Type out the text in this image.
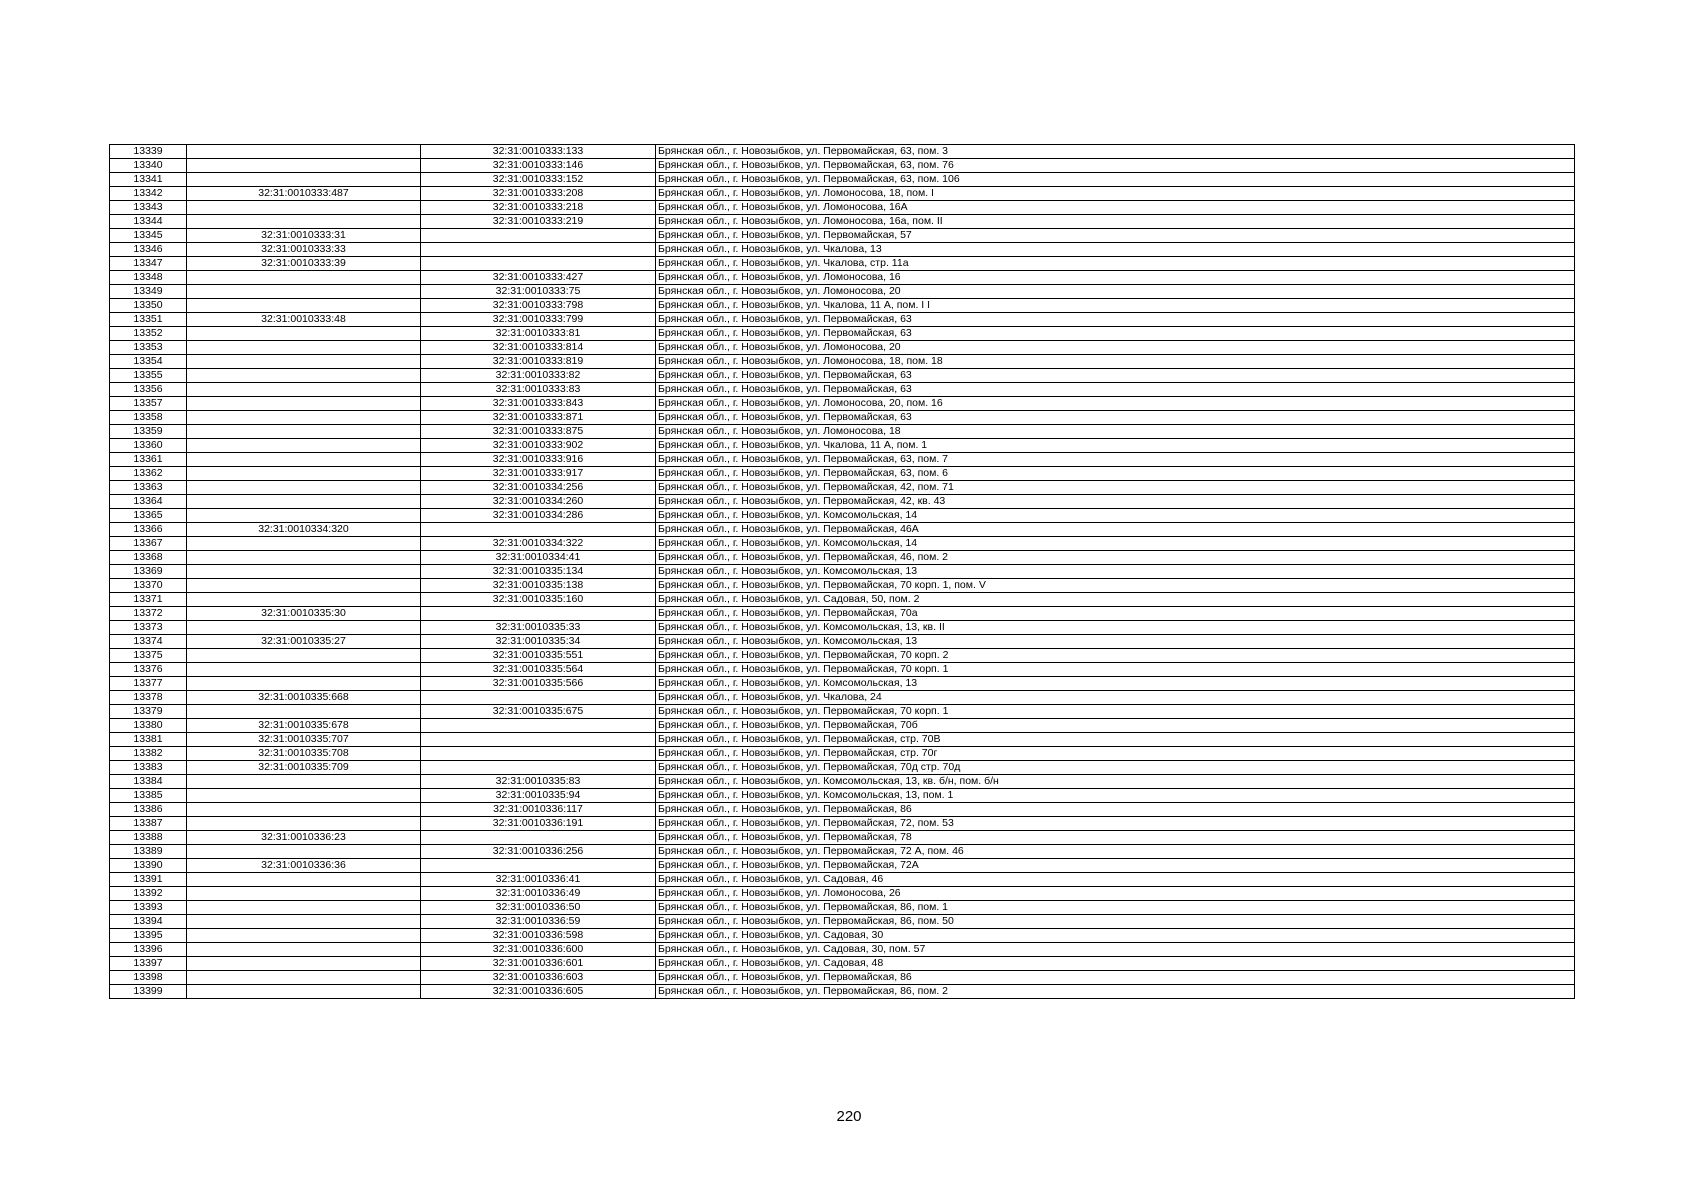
13339		32:31:0010333:133	Брянская обл., г. Новозыбков, ул. Первомайская, 63, пом. 3
13340		32:31:0010333:146	Брянская обл., г. Новозыбков, ул. Первомайская, 63, пом. 76
13341		32:31:0010333:152	Брянская обл., г. Новозыбков, ул. Первомайская, 63, пом. 106
13342	32:31:0010333:487	32:31:0010333:208	Брянская обл., г. Новозыбков, ул. Ломоносова, 18, пом. I
13343		32:31:0010333:218	Брянская обл., г. Новозыбков, ул. Ломоносова, 16А
13344		32:31:0010333:219	Брянская обл., г. Новозыбков, ул. Ломоносова, 16а, пом. II
13345	32:31:0010333:31		Брянская обл., г. Новозыбков, ул. Первомайская, 57
13346	32:31:0010333:33		Брянская обл., г. Новозыбков, ул. Чкалова, 13
13347	32:31:0010333:39		Брянская обл., г. Новозыбков, ул. Чкалова, стр. 11а
13348		32:31:0010333:427	Брянская обл., г. Новозыбков, ул. Ломоносова, 16
13349		32:31:0010333:75	Брянская обл., г. Новозыбков, ул. Ломоносова, 20
13350		32:31:0010333:798	Брянская обл., г. Новозыбков, ул. Чкалова, 11 А, пом. I I
13351	32:31:0010333:48	32:31:0010333:799	Брянская обл., г. Новозыбков, ул. Первомайская, 63
13352		32:31:0010333:81	Брянская обл., г. Новозыбков, ул. Первомайская, 63
13353		32:31:0010333:814	Брянская обл., г. Новозыбков, ул. Ломоносова, 20
13354		32:31:0010333:819	Брянская обл., г. Новозыбков, ул. Ломоносова, 18, пом. 18
13355		32:31:0010333:82	Брянская обл., г. Новозыбков, ул. Первомайская, 63
13356		32:31:0010333:83	Брянская обл., г. Новозыбков, ул. Первомайская, 63
13357		32:31:0010333:843	Брянская обл., г. Новозыбков, ул. Ломоносова, 20, пом. 16
13358		32:31:0010333:871	Брянская обл., г. Новозыбков, ул. Первомайская, 63
13359		32:31:0010333:875	Брянская обл., г. Новозыбков, ул. Ломоносова, 18
13360		32:31:0010333:902	Брянская обл., г. Новозыбков, ул. Чкалова, 11 А, пом. 1
13361		32:31:0010333:916	Брянская обл., г. Новозыбков, ул. Первомайская, 63, пом. 7
13362		32:31:0010333:917	Брянская обл., г. Новозыбков, ул. Первомайская, 63, пом. 6
13363		32:31:0010334:256	Брянская обл., г. Новозыбков, ул. Первомайская, 42, пом. 71
13364		32:31:0010334:260	Брянская обл., г. Новозыбков, ул. Первомайская, 42, кв. 43
13365		32:31:0010334:286	Брянская обл., г. Новозыбков, ул. Комсомольская, 14
13366	32:31:0010334:320		Брянская обл., г. Новозыбков, ул. Первомайская, 46А
13367		32:31:0010334:322	Брянская обл., г. Новозыбков, ул. Комсомольская, 14
13368		32:31:0010334:41	Брянская обл., г. Новозыбков, ул. Первомайская, 46, пом. 2
13369		32:31:0010335:134	Брянская обл., г. Новозыбков, ул. Комсомольская, 13
13370		32:31:0010335:138	Брянская обл., г. Новозыбков, ул. Первомайская, 70 корп. 1, пом. V
13371		32:31:0010335:160	Брянская обл., г. Новозыбков, ул. Садовая, 50, пом. 2
13372	32:31:0010335:30		Брянская обл., г. Новозыбков, ул. Первомайская, 70а
13373		32:31:0010335:33	Брянская обл., г. Новозыбков, ул. Комсомольская, 13, кв. II
13374	32:31:0010335:27	32:31:0010335:34	Брянская обл., г. Новозыбков, ул. Комсомольская, 13
13375		32:31:0010335:551	Брянская обл., г. Новозыбков, ул. Первомайская, 70 корп. 2
13376		32:31:0010335:564	Брянская обл., г. Новозыбков, ул. Первомайская, 70 корп. 1
13377		32:31:0010335:566	Брянская обл., г. Новозыбков, ул. Комсомольская, 13
13378	32:31:0010335:668		Брянская обл., г. Новозыбков, ул. Чкалова, 24
13379		32:31:0010335:675	Брянская обл., г. Новозыбков, ул. Первомайская, 70 корп. 1
13380	32:31:0010335:678		Брянская обл., г. Новозыбков, ул. Первомайская, 70б
13381	32:31:0010335:707		Брянская обл., г. Новозыбков, ул. Первомайская, стр. 70В
13382	32:31:0010335:708		Брянская обл., г. Новозыбков, ул. Первомайская, стр. 70г
13383	32:31:0010335:709		Брянская обл., г. Новозыбков, ул. Первомайская, 70д стр. 70д
13384		32:31:0010335:83	Брянская обл., г. Новозыбков, ул. Комсомольская, 13, кв. б/н, пом. б/н
13385		32:31:0010335:94	Брянская обл., г. Новозыбков, ул. Комсомольская, 13, пом. 1
13386		32:31:0010336:117	Брянская обл., г. Новозыбков, ул. Первомайская, 86
13387		32:31:0010336:191	Брянская обл., г. Новозыбков, ул. Первомайская, 72, пом. 53
13388	32:31:0010336:23		Брянская обл., г. Новозыбков, ул. Первомайская, 78
13389		32:31:0010336:256	Брянская обл., г. Новозыбков, ул. Первомайская, 72 А, пом. 46
13390	32:31:0010336:36		Брянская обл., г. Новозыбков, ул. Первомайская, 72А
13391		32:31:0010336:41	Брянская обл., г. Новозыбков, ул. Садовая, 46
13392		32:31:0010336:49	Брянская обл., г. Новозыбков, ул. Ломоносова, 26
13393		32:31:0010336:50	Брянская обл., г. Новозыбков, ул. Первомайская, 86, пом. 1
13394		32:31:0010336:59	Брянская обл., г. Новозыбков, ул. Первомайская, 86, пом. 50
13395		32:31:0010336:598	Брянская обл., г. Новозыбков, ул. Садовая, 30
13396		32:31:0010336:600	Брянская обл., г. Новозыбков, ул. Садовая, 30, пом. 57
13397		32:31:0010336:601	Брянская обл., г. Новозыбков, ул. Садовая, 48
13398		32:31:0010336:603	Брянская обл., г. Новозыбков, ул. Первомайская, 86
13399		32:31:0010336:605	Брянская обл., г. Новозыбков, ул. Первомайская, 86, пом. 2
220
